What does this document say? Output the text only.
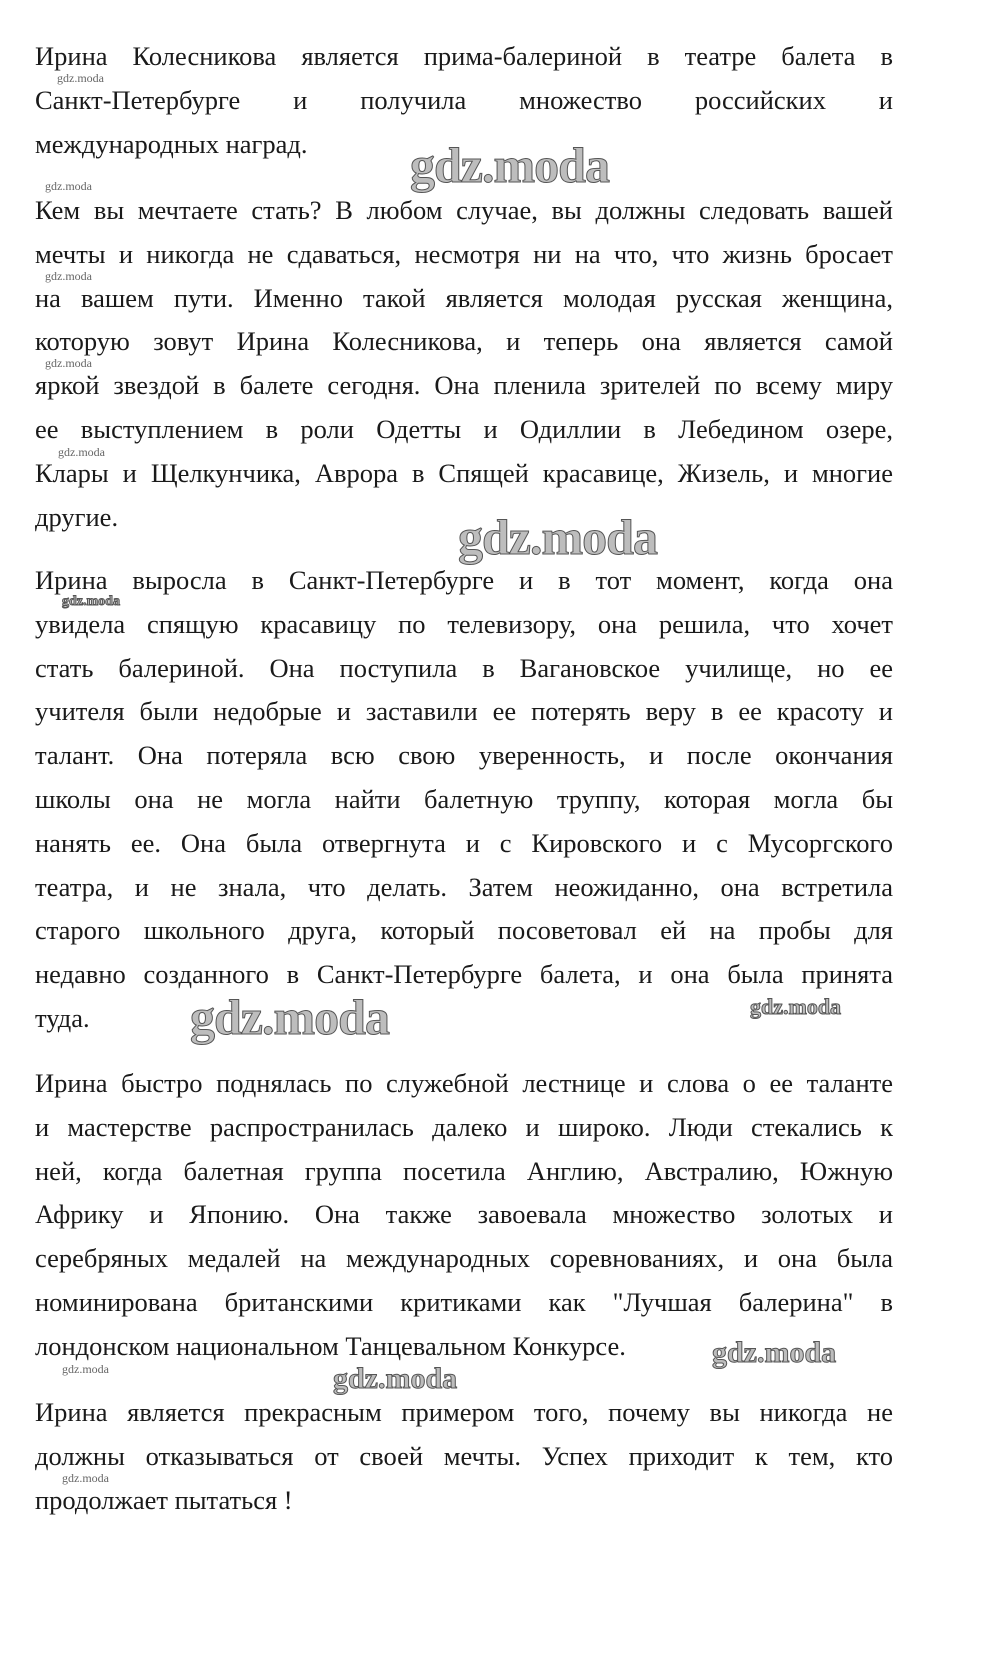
Ирина Колесникова является прима-балериной в театре балета в
Санкт-Петербурге и получила множество российских и
международных наград.
Кем вы мечтаете стать? В любом случае, вы должны следовать вашей
мечты и никогда не сдаваться, несмотря ни на что, что жизнь бросает
на вашем пути. Именно такой является молодая русская женщина,
которую зовут Ирина Колесникова, и теперь она является самой
яркой звездой в балете сегодня. Она пленила зрителей по всему миру
ее выступлением в роли Одетты и Одиллии в Лебедином озере,
Клары и Щелкунчика, Аврора в Спящей красавице, Жизель, и многие
другие.
Ирина выросла в Санкт-Петербурге и в тот момент, когда она
увидела спящую красавицу по телевизору, она решила, что хочет
стать балериной. Она поступила в Вагановское училище, но ее
учителя были недобрые и заставили ее потерять веру в ее красоту и
талант. Она потеряла всю свою уверенность, и после окончания
школы она не могла найти балетную труппу, которая могла бы
нанять ее. Она была отвергнута и с Кировского и с Мусоргского
театра, и не знала, что делать. Затем неожиданно, она встретила
старого школьного друга, который посоветовал ей на пробы для
недавно созданного в Санкт-Петербурге балета, и она была принята
туда.
Ирина быстро поднялась по служебной лестнице и слова о ее таланте
и мастерстве распространилась далеко и широко. Люди стекались к
ней, когда балетная группа посетила Англию, Австралию, Южную
Африку и Японию. Она также завоевала множество золотых и
серебряных медалей на международных соревнованиях, и она была
номинирована британскими критиками как "Лучшая балерина" в
лондонском национальном Танцевальном Конкурсе.
Ирина является прекрасным примером того, почему вы никогда не
должны отказываться от своей мечты. Успех приходит к тем, кто
продолжает пытаться !
gdz.moda
gdz.moda
gdz.moda	gdz.moda
gdz.moda
gdz.moda
gdz.moda
gdz.moda
gdz.moda
gdz.moda
gdz.moda
gdz.moda
gdz.moda
gdz.moda
